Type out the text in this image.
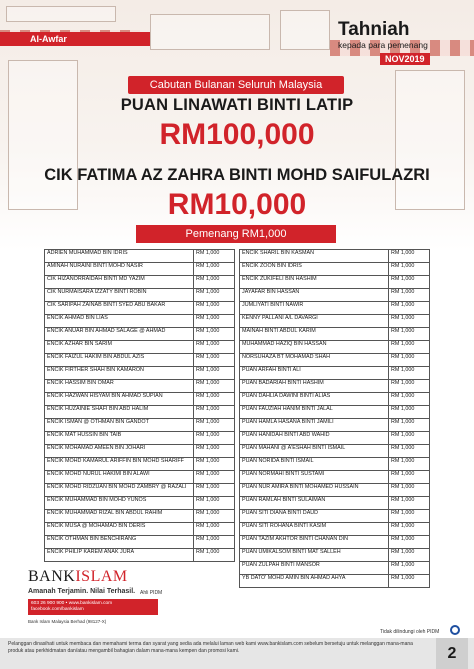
Al-Awfar	Tahniah
kepada para pemenang
NOV2019
Cabutan Bulanan Seluruh Malaysia
PUAN LINAWATI BINTI LATIP
RM100,000
CIK FATIMA AZ ZAHRA BINTI MOHD SAIFULAZRI
RM10,000
Pemenang RM1,000
ADRIEN MUHAMMAD BIN IDRIS	RM 1,000
AMINAH NURAINI BINTI MOHD NASIR	RM 1,000
CIK HIZANORRAIDAH BINTI MD YAZIM	RM 1,000
CIK NURMAISARA IZZATY BINTI ROBIN	RM 1,000
CIK SARIPAH ZAINAB BINTI SYED ABU BAKAR	RM 1,000
ENCIK AHMAD BIN LIAS	RM 1,000
ENCIK ANUAR BIN AHMAD SALAGE @ AHMAD	RM 1,000
ENCIK AZHAR BIN SARIM	RM 1,000
ENCIK FAIZUL HAKIM BIN ABDUL AZIS	RM 1,000
ENCIK FIRTHER SHAH BIN KAMARON	RM 1,000
ENCIK HASSIM BIN OMAR	RM 1,000
ENCIK HAZWAN HISYAM BIN AHMAD SUPIAN	RM 1,000
ENCIK HUZAINIE SHAFI BIN ABD HALIM	RM 1,000
ENCIK ISMAN @ OTHMAN BIN GANDOT	RM 1,000
ENCIK MAT HUSSIN BIN TAIB	RM 1,000
ENCIK MOHAMAD AMEEN BIN JOHARI	RM 1,000
ENCIK MOHD KAMARUL ARIFFIN BIN MOHD SHARIFF	RM 1,000
ENCIK MOHD NURUL HAKIMI BIN ALAWI	RM 1,000
ENCIK MOHD RIDZUAN BIN MOHD ZAMBRY @ RAZALI	RM 1,000
ENCIK MUHAMMAD BIN MOHD YUNOS	RM 1,000
ENCIK MUHAMMAD RIZAL BIN ABDUL RAHIM	RM 1,000
ENCIK MUSA @ MOHAMAD BIN DERIS	RM 1,000
ENCIK OTHMAN BIN BENCHIRANG	RM 1,000
ENCIK PHILIP KAREM ANAK JURA	RM 1,000
ENCIK SHARIL BIN KASMAN	RM 1,000
ENCIK ZOON BIN IDRIS	RM 1,000
ENCIK ZUKIFELI BIN HASHIM	RM 1,000
JAYAFAR BIN HASSAN	RM 1,000
JUMLIYATI BINTI NAWIR	RM 1,000
KENNY PALLANI A/L DAVARGI	RM 1,000
MAINAH BINTI ABDUL KARIM	RM 1,000
MUHAMMAD HAZIQ BIN HASSAN	RM 1,000
NORSUHAZA BT MOHAMAD SHAH	RM 1,000
PUAN ARFAH BINTI ALI	RM 1,000
PUAN BADARIAH BINTI HASHIM	RM 1,000
PUAN DAHLIA DAWINI BINTI ALIAS	RM 1,000
PUAN FAUZIAH HANIM BINTI JALAL	RM 1,000
PUAN HAMLA HASANA BINTI JAMILI	RM 1,000
PUAN HANIDAH BINTI ABD WAHID	RM 1,000
PUAN MAHANI @ A'ESHAH BINTI ISMAIL	RM 1,000
PUAN NORIDA BINTI ISMAIL	RM 1,000
PUAN NORMAHI BINTI SUSTAMI	RM 1,000
PUAN NUR AMIRA BINTI MOHAMED HUSSAIN	RM 1,000
PUAN RAMLAH BINTI SULAIMAN	RM 1,000
PUAN SITI DIANA BINTI DAUD	RM 1,000
PUAN SITI ROHANA BINTI KASIM	RM 1,000
PUAN TAZIM AKHTOR BINTI CHANAN DIN	RM 1,000
PUAN UMIKALSOM BINTI MAT SALLEH	RM 1,000
PUAN ZULPAH BINTI MANSOR	RM 1,000
YB DATO' MOHD AMIN BIN AHMAD AHYA	RM 1,000
BANKISLAM
Amanah Terjamin. Nilai Terhasil.
603 26 900 900 • www.bankislam.com
facebook.com/bankislam
Bank Islam Malaysia Berhad (98127-X)
Ahli PIDM
Tidak dilindungi oleh PIDM
Pelanggan dinasihati untuk membaca dan memahami terma dan syarat yang sedia ada melalui laman web kami www.bankislam.com sebelum bersetuju untuk melanggan mana-mana produk atau perkhidmatan dan/atau mengambil bahagian dalam mana-mana kempen dan promosi kami.	2
